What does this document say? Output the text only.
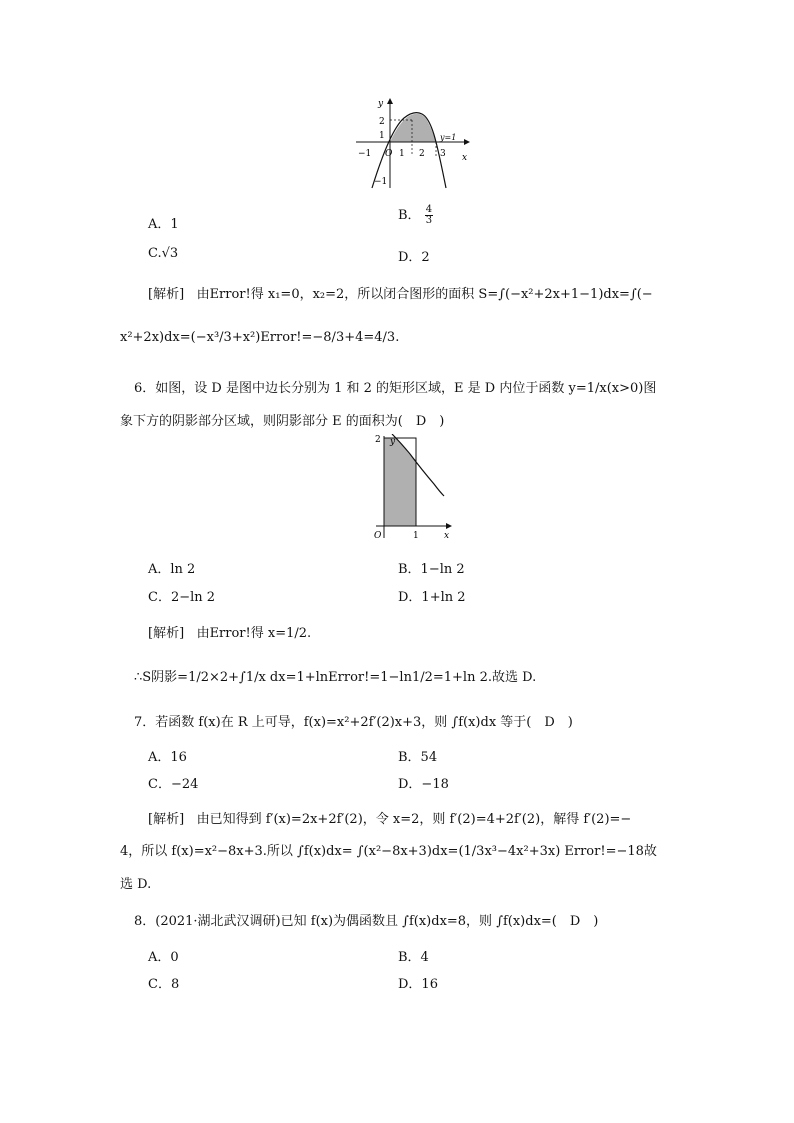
y
x
O
2
1
−1
−1	1 2 3
y=1
A．1
B． $\frac{4}{3}$
C.√3	D．2
[解析] 由Error!得 x₁=0，x₂=2，所以闭合图形的面积 S=∫(−x²+2x+1−1)dx=∫(−
x²+2x)dx=(−x³/3+x²)Error!=−8/3+4=4/3.
6．如图，设 D 是图中边长分别为 1 和 2 的矩形区域，E 是 D 内位于函数 y=1/x(x>0)图
象下方的阴影部分区域，则阴影部分 E 的面积为(　D　)
y
x
O
2
1
A．ln 2	B．1−ln 2
C．2−ln 2	D．1+ln 2
[解析] 由Error!得 x=1/2.
∴S阴影=1/2×2+∫1/x dx=1+lnError!=1−ln1/2=1+ln 2.故选 D.
7．若函数 f(x)在 R 上可导，f(x)=x²+2f′(2)x+3，则 ∫f(x)dx 等于(　D　)
A．16	B．54
C．−24	D．−18
[解析] 由已知得到 f′(x)=2x+2f′(2)，令 x=2，则 f′(2)=4+2f′(2)，解得 f′(2)=−
4，所以 f(x)=x²−8x+3.所以 ∫f(x)dx= ∫(x²−8x+3)dx=(1/3x³−4x²+3x) Error!=−18故
选 D.
8．(2021·湖北武汉调研)已知 f(x)为偶函数且 ∫f(x)dx=8，则 ∫f(x)dx=(　D　)
A．0	B．4
C．8	D．16
